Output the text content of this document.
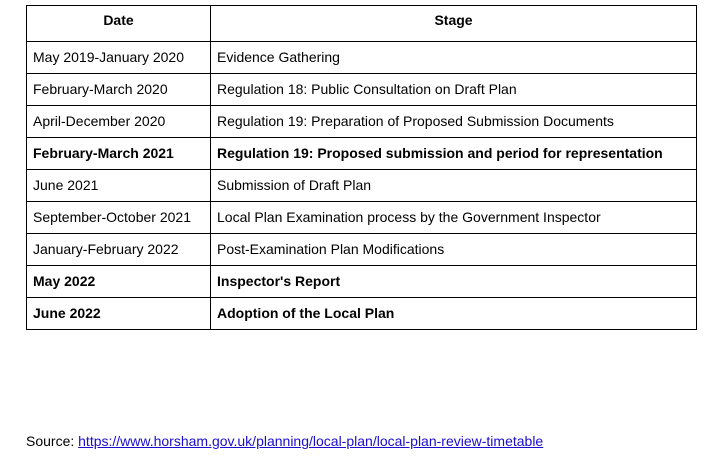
Date	Stage
May 2019-January 2020	Evidence Gathering
February-March 2020	Regulation 18: Public Consultation on Draft Plan
April-December 2020	Regulation 19: Preparation of Proposed Submission Documents
February-March 2021	Regulation 19: Proposed submission and period for representation
June 2021	Submission of Draft Plan
September-October 2021	Local Plan Examination process by the Government Inspector
January-February 2022	Post-Examination Plan Modifications
May 2022	Inspector's Report
June 2022	Adoption of the Local Plan
Source: https://www.horsham.gov.uk/planning/local-plan/local-plan-review-timetable
